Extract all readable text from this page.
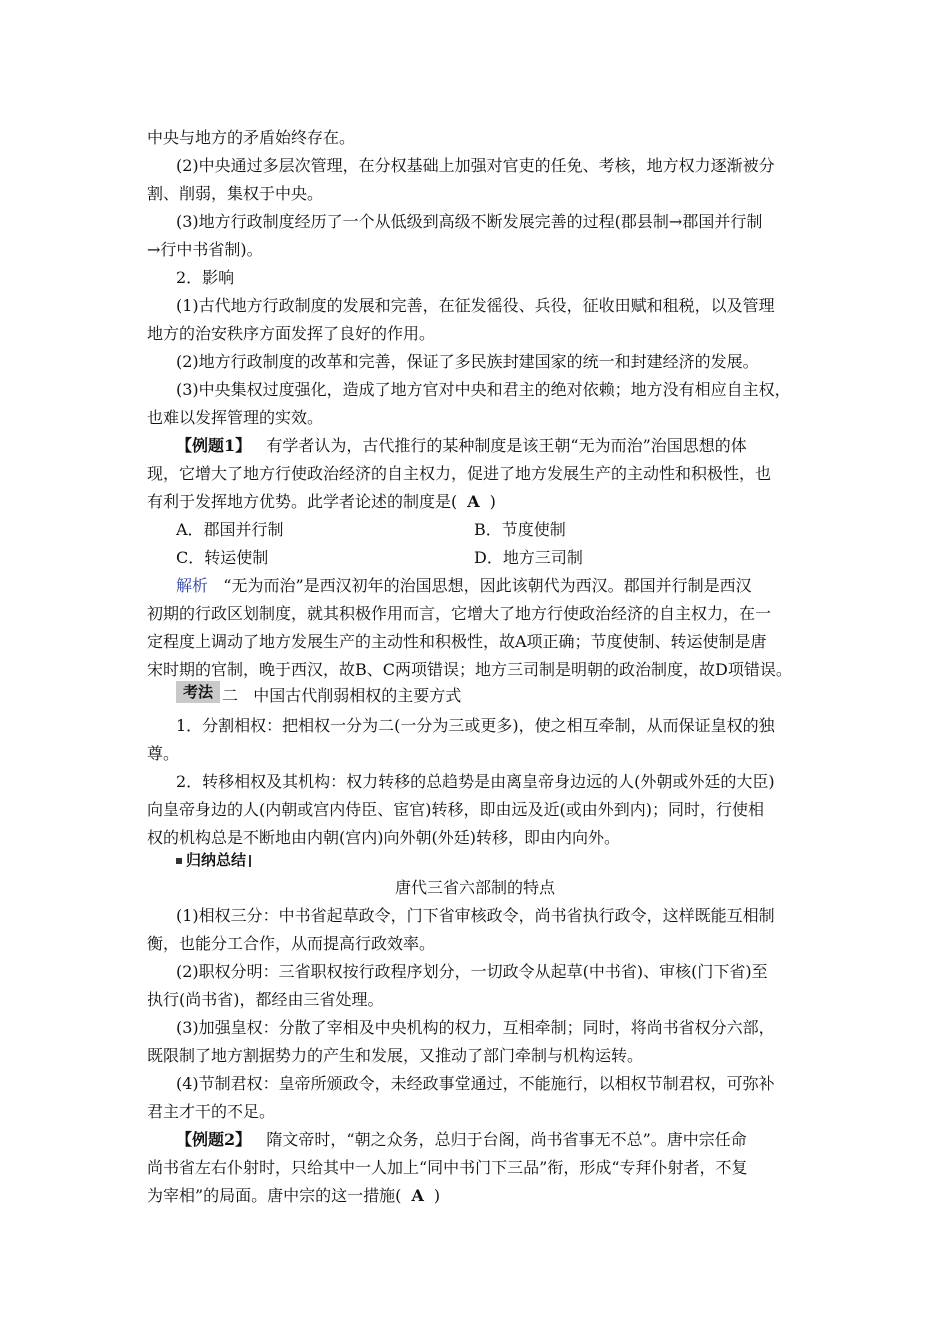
中央与地方的矛盾始终存在。
(2)中央通过多层次管理，在分权基础上加强对官吏的任免、考核，地方权力逐渐被分
割、削弱，集权于中央。
(3)地方行政制度经历了一个从低级到高级不断发展完善的过程(郡县制→郡国并行制
→行中书省制)。
2．影响
(1)古代地方行政制度的发展和完善，在征发徭役、兵役，征收田赋和租税，以及管理
地方的治安秩序方面发挥了良好的作用。
(2)地方行政制度的改革和完善，保证了多民族封建国家的统一和封建经济的发展。
(3)中央集权过度强化，造成了地方官对中央和君主的绝对依赖；地方没有相应自主权，
也难以发挥管理的实效。
【例题1】 有学者认为，古代推行的某种制度是该王朝“无为而治”治国思想的体
现，它增大了地方行使政治经济的自主权力，促进了地方发展生产的主动性和积极性，也
有利于发挥地方优势。此学者论述的制度是( A )
A．郡国并行制	B．节度使制
C．转运使制	D．地方三司制
解析 “无为而治”是西汉初年的治国思想，因此该朝代为西汉。郡国并行制是西汉
初期的行政区划制度，就其积极作用而言，它增大了地方行使政治经济的自主权力，在一
定程度上调动了地方发展生产的主动性和积极性，故A项正确；节度使制、转运使制是唐
宋时期的官制，晚于西汉，故B、C两项错误；地方三司制是明朝的政治制度，故D项错误。
考法 二 中国古代削弱相权的主要方式
1．分割相权：把相权一分为二(一分为三或更多)，使之相互牵制，从而保证皇权的独
尊。
2．转移相权及其机构：权力转移的总趋势是由离皇帝身边远的人(外朝或外廷的大臣)
向皇帝身边的人(内朝或宫内侍臣、宦官)转移，即由远及近(或由外到内)；同时，行使相
权的机构总是不断地由内朝(宫内)向外朝(外廷)转移，即由内向外。
归纳总结
唐代三省六部制的特点
(1)相权三分：中书省起草政令，门下省审核政令，尚书省执行政令，这样既能互相制
衡，也能分工合作，从而提高行政效率。
(2)职权分明：三省职权按行政程序划分，一切政令从起草(中书省)、审核(门下省)至
执行(尚书省)，都经由三省处理。
(3)加强皇权：分散了宰相及中央机构的权力，互相牵制；同时，将尚书省权分六部，
既限制了地方割据势力的产生和发展，又推动了部门牵制与机构运转。
(4)节制君权：皇帝所颁政令，未经政事堂通过，不能施行，以相权节制君权，可弥补
君主才干的不足。
【例题2】 隋文帝时，“朝之众务，总归于台阁，尚书省事无不总”。唐中宗任命
尚书省左右仆射时，只给其中一人加上“同中书门下三品”衔，形成“专拜仆射者，不复
为宰相”的局面。唐中宗的这一措施( A )
